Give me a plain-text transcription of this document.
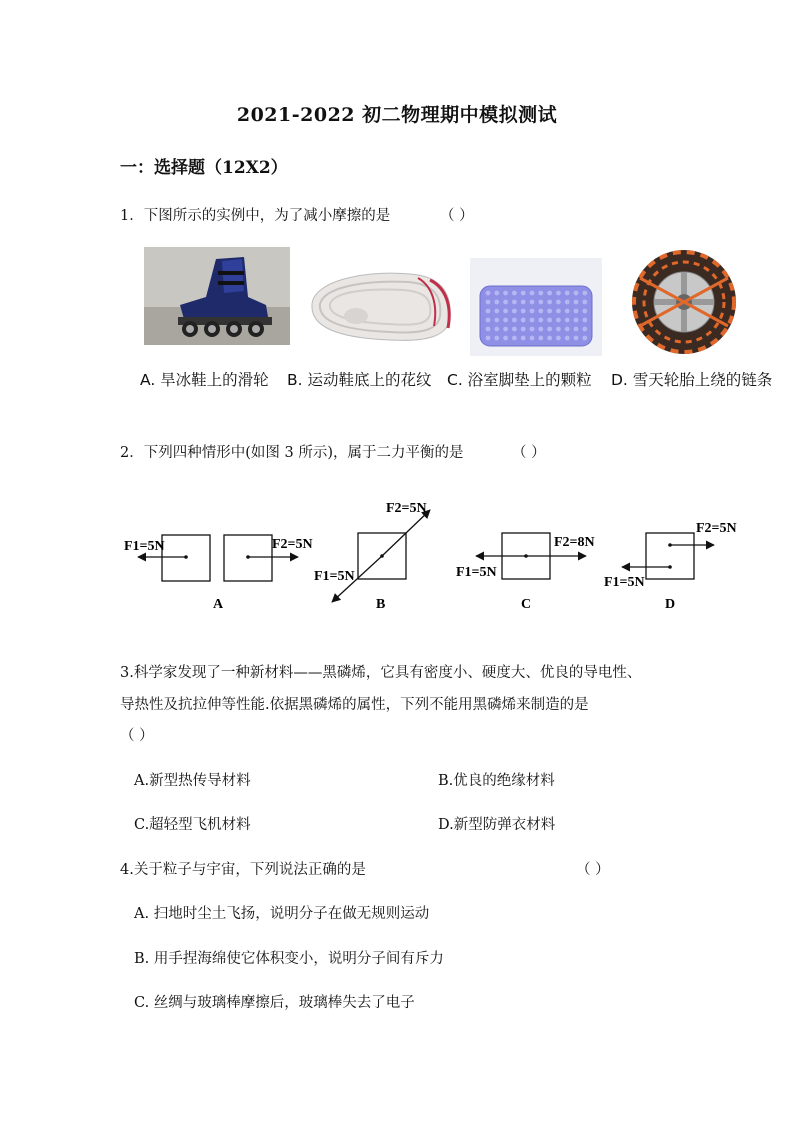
2021-2022 初二物理期中模拟测试
一：选择题（12X2）
1．下图所示的实例中，为了减小摩擦的是	（ ）
A. 旱冰鞋上的滑轮 B. 运动鞋底上的花纹 C. 浴室脚垫上的颗粒 D. 雪天轮胎上绕的链条
2．下列四种情形中(如图 3 所示)，属于二力平衡的是	（ ）
F1=5N	F2=5N
A
F2=5N
F1=5N
B
F1=5N
F2=8N
C
F2=5N
F1=5N
D
3.科学家发现了一种新材料——黑磷烯，它具有密度小、硬度大、优良的导电性、
导热性及抗拉伸等性能.依据黑磷烯的属性，下列不能用黑磷烯来制造的是
（ ）
A.新型热传导材料	B.优良的绝缘材料
C.超轻型飞机材料	D.新型防弹衣材料
4.关于粒子与宇宙，下列说法正确的是	（ ）
A. 扫地时尘土飞扬，说明分子在做无规则运动
B. 用手捏海绵使它体积变小，说明分子间有斥力
C. 丝绸与玻璃棒摩擦后，玻璃棒失去了电子
